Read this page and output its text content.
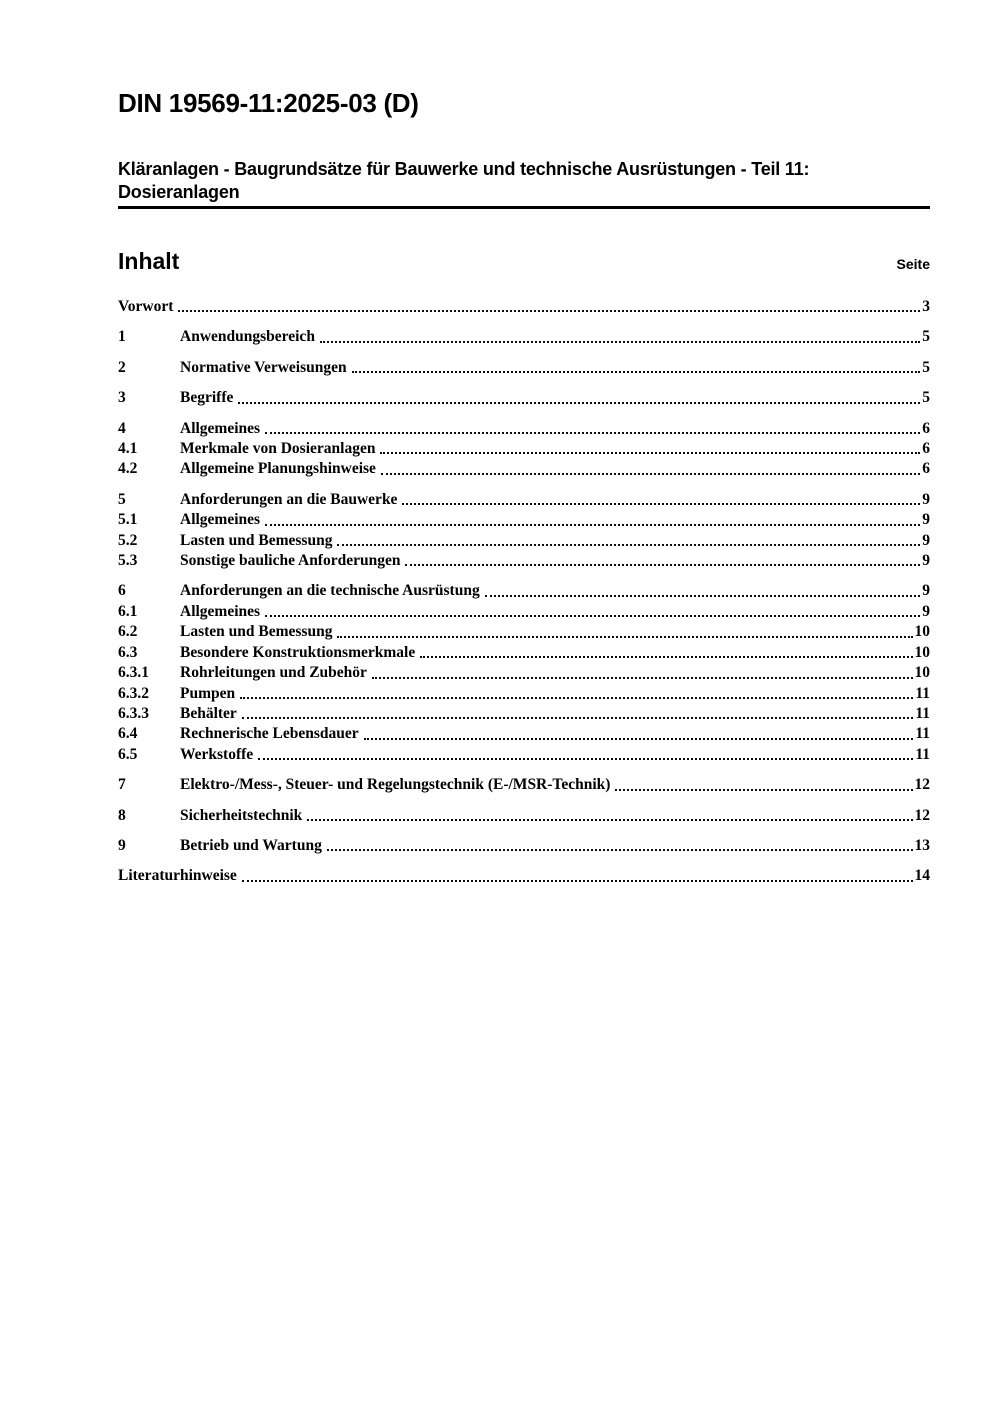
DIN 19569-11:2025-03 (D)
Kläranlagen - Baugrundsätze für Bauwerke und technische Ausrüstungen - Teil 11:
Dosieranlagen
Inhalt	Seite
Vorwort	3
1	Anwendungsbereich	5
2	Normative Verweisungen	5
3	Begriffe	5
4	Allgemeines	6
4.1	Merkmale von Dosieranlagen	6
4.2	Allgemeine Planungshinweise	6
5	Anforderungen an die Bauwerke	9
5.1	Allgemeines	9
5.2	Lasten und Bemessung	9
5.3	Sonstige bauliche Anforderungen	9
6	Anforderungen an die technische Ausrüstung	9
6.1	Allgemeines	9
6.2	Lasten und Bemessung	10
6.3	Besondere Konstruktionsmerkmale	10
6.3.1	Rohrleitungen und Zubehör	10
6.3.2	Pumpen	11
6.3.3	Behälter	11
6.4	Rechnerische Lebensdauer	11
6.5	Werkstoffe	11
7	Elektro-/Mess-, Steuer- und Regelungstechnik (E-/MSR-Technik)	12
8	Sicherheitstechnik	12
9	Betrieb und Wartung	13
Literaturhinweise	14
